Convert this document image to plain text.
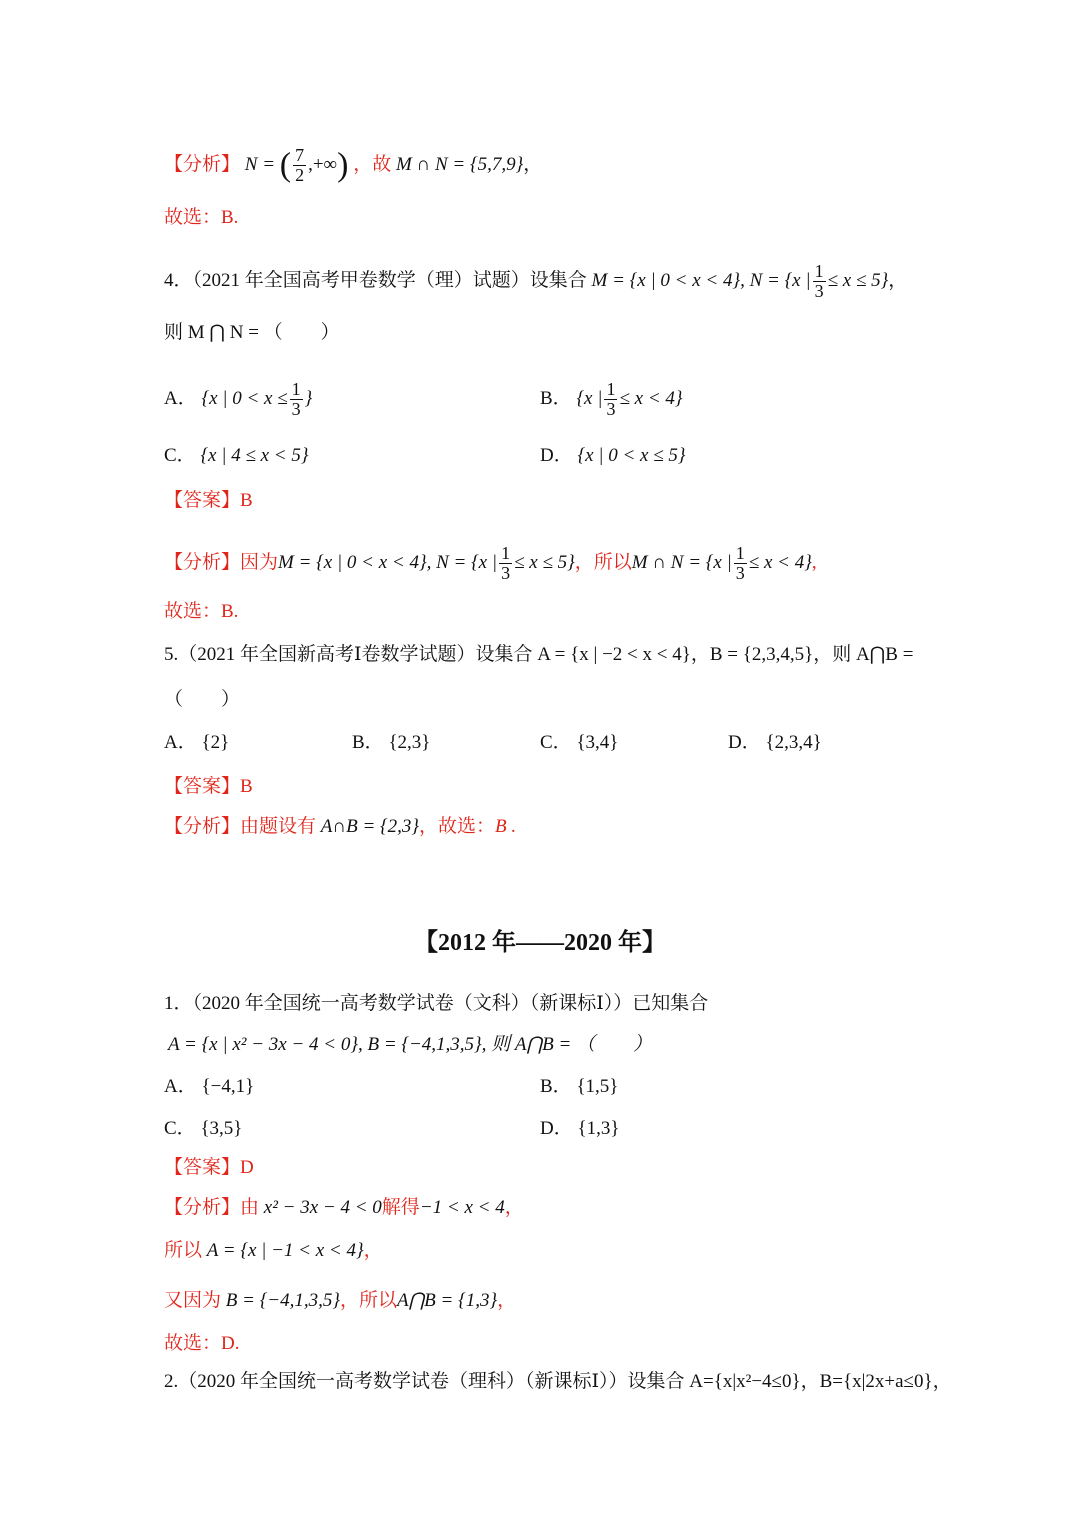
【分析】 N = ( $\frac{7}{2}$ ,+∞) ，故 M ∩ N = {5,7,9}，
故选：B.
4．（2021 年全国高考甲卷数学（理）试题）设集合 M = {x | 0 < x < 4}, N = {x | $\frac{1}{3} \le x \le 5$}，
则 M ⋂ N = （　　）
A． {x | $0 < x \le \frac{1}{3}$ }	B． {x | $\frac{1}{3} \le x < 4$}
C． {x | 4 ≤ x < 5}	D． {x | 0 < x ≤ 5}
【答案】B
【分析】因为M = {x | 0 < x < 4}, N = {x | $\frac{1}{3} \le x \le 5$}，所以M ∩ N = {x | $\frac{1}{3} \le x < 4$},
故选：B.
5.（2021 年全国新高考Ⅰ卷数学试题）设集合 A = {x | −2 < x < 4}，B = {2,3,4,5}，则 A⋂B =
（　　）
A． {2}	B． {2,3}	C． {3,4}	D． {2,3,4}
【答案】B
【分析】由题设有 A∩B = {2,3}，故选：B .
【2012 年——2020 年】
1．（2020 年全国统一高考数学试卷（文科）（新课标Ⅰ））已知集合
A = {x | x² − 3x − 4 < 0}, B = {−4,1,3,5}, 则 A⋂B = （　　）
A． {−4,1}	B． {1,5}
C． {3,5}	D． {1,3}
【答案】D
【分析】由 x² − 3x − 4 < 0解得−1 < x < 4，
所以 A = {x | −1 < x < 4}，
又因为 B = {−4,1,3,5}，所以A⋂B = {1,3}，
故选：D.
2.（2020 年全国统一高考数学试卷（理科）（新课标Ⅰ））设集合 A={x|x²−4≤0}，B={x|2x+a≤0}，
